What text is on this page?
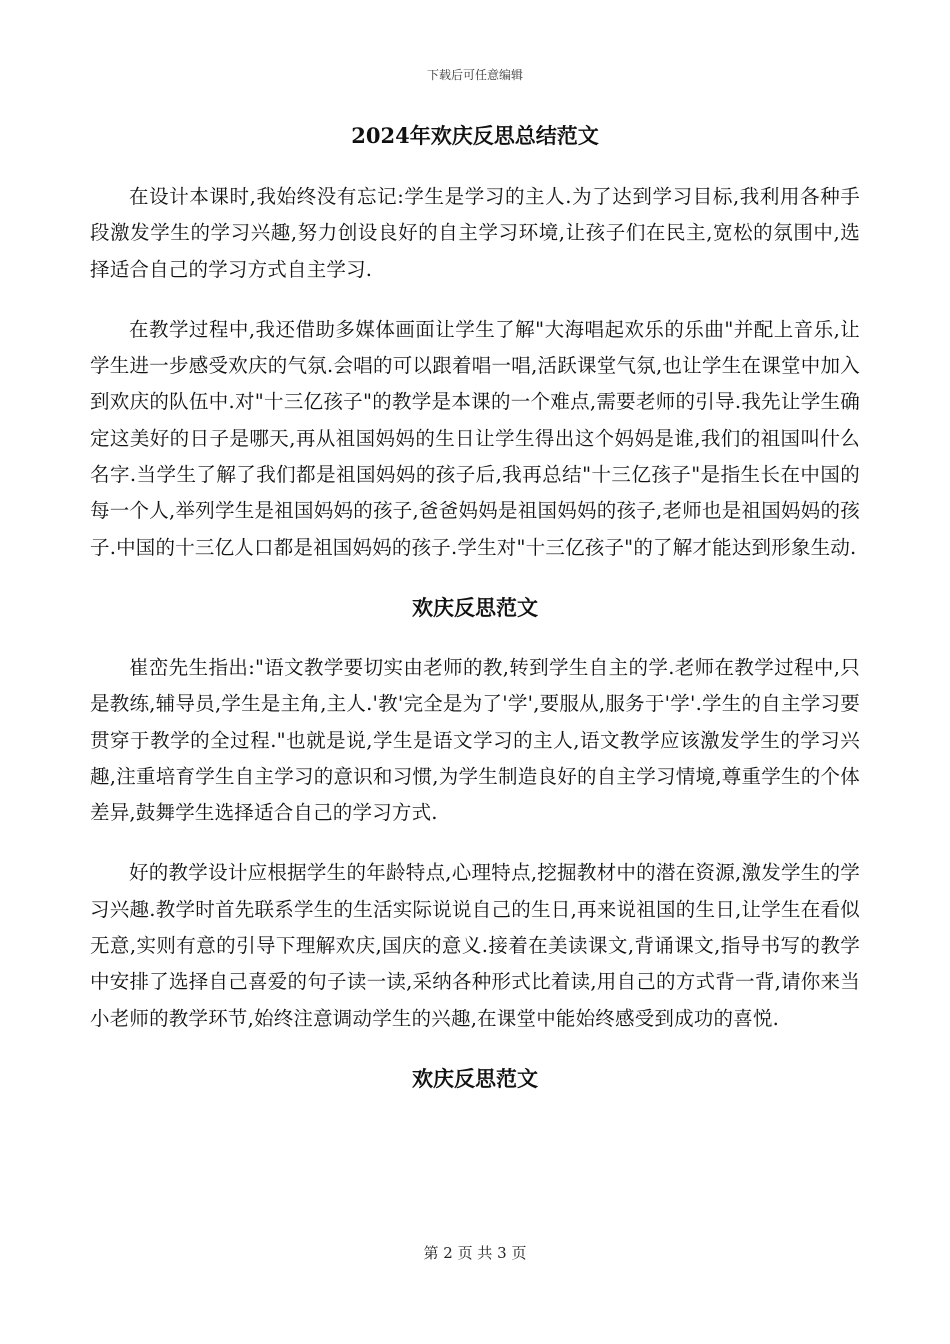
下载后可任意编辑
2024年欢庆反思总结范文

在设计本课时,我始终没有忘记:学生是学习的主人.为了达到学习目标,我利用各种手段激发学生的学习兴趣,努力创设良好的自主学习环境,让孩子们在民主,宽松的氛围中,选择适合自己的学习方式自主学习.

在教学过程中,我还借助多媒体画面让学生了解"大海唱起欢乐的乐曲"并配上音乐,让学生进一步感受欢庆的气氛.会唱的可以跟着唱一唱,活跃课堂气氛,也让学生在课堂中加入到欢庆的队伍中.对"十三亿孩子"的教学是本课的一个难点,需要老师的引导.我先让学生确定这美好的日子是哪天,再从祖国妈妈的生日让学生得出这个妈妈是谁,我们的祖国叫什么名字.当学生了解了我们都是祖国妈妈的孩子后,我再总结"十三亿孩子"是指生长在中国的每一个人,举列学生是祖国妈妈的孩子,爸爸妈妈是祖国妈妈的孩子,老师也是祖国妈妈的孩子.中国的十三亿人口都是祖国妈妈的孩子.学生对"十三亿孩子"的了解才能达到形象生动.

欢庆反思范文

崔峦先生指出:"语文教学要切实由老师的教,转到学生自主的学.老师在教学过程中,只是教练,辅导员,学生是主角,主人.'教'完全是为了'学',要服从,服务于'学'.学生的自主学习要贯穿于教学的全过程."也就是说,学生是语文学习的主人,语文教学应该激发学生的学习兴趣,注重培育学生自主学习的意识和习惯,为学生制造良好的自主学习情境,尊重学生的个体差异,鼓舞学生选择适合自己的学习方式.

好的教学设计应根据学生的年龄特点,心理特点,挖掘教材中的潜在资源,激发学生的学习兴趣.教学时首先联系学生的生活实际说说自己的生日,再来说祖国的生日,让学生在看似无意,实则有意的引导下理解欢庆,国庆的意义.接着在美读课文,背诵课文,指导书写的教学中安排了选择自己喜爱的句子读一读,采纳各种形式比着读,用自己的方式背一背,请你来当小老师的教学环节,始终注意调动学生的兴趣,在课堂中能始终感受到成功的喜悦.

欢庆反思范文
第 2 页 共 3 页
